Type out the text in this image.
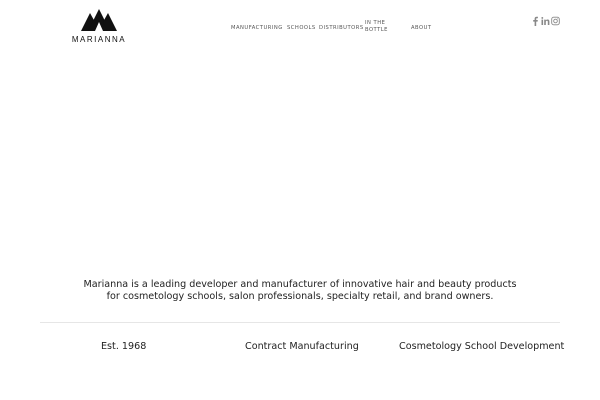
MARIANNA
MANUFACTURING SCHOOLS DISTRIBUTORS
IN THE
BOTTLE	ABOUT
Marianna is a leading developer and manufacturer of innovative hair and beauty products
for cosmetology schools, salon professionals, specialty retail, and brand owners.
Est. 1968	Contract Manufacturing	Cosmetology School Development
